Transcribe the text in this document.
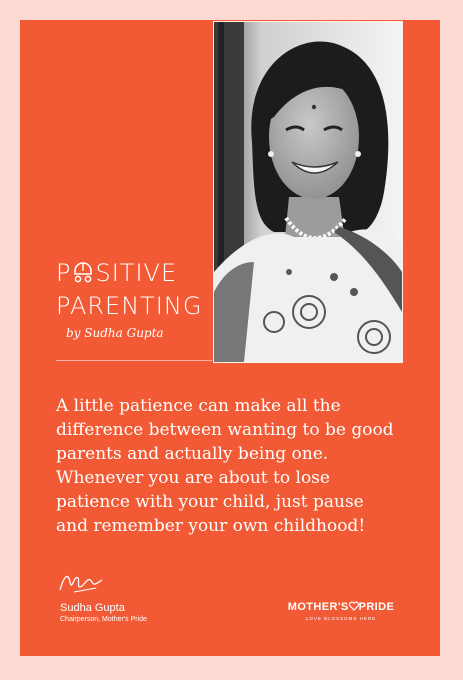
P SITIVE
PARENTING
by Sudha Gupta
A little patience can make all the
difference between wanting to be good
parents and actually being one.
Whenever you are about to lose
patience with your child, just pause
and remember your own childhood!
Sudha Gupta
Chairperson, Mother's Pride
MOTHER'S PRIDE
LOVE BLOSSOMS HERE
